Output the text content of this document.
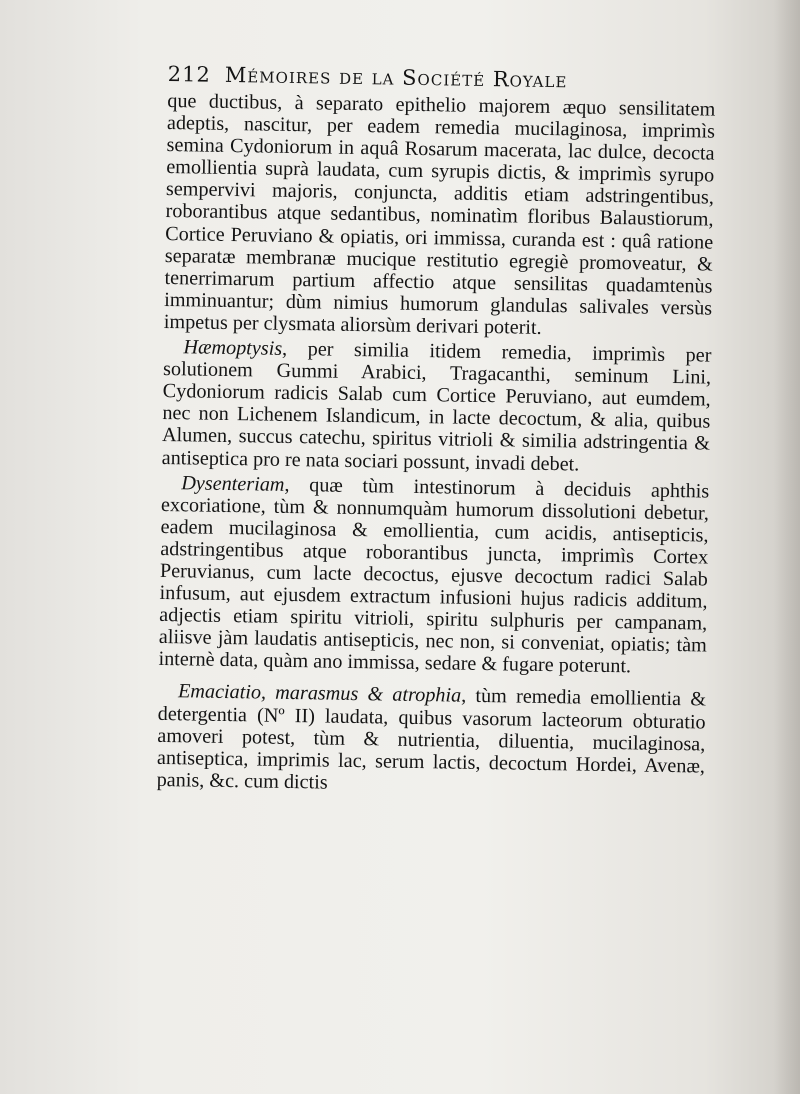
212 Mémoires de la Société Royale

que ductibus, à separato epithelio majorem æquo sensilitatem adeptis, nascitur, per eadem remedia mucilaginosa, imprimìs semina Cydoniorum in aquâ Rosarum macerata, lac dulce, decocta emollientia suprà laudata, cum syrupis dictis, & imprimìs syrupo sempervivi majoris, conjuncta, additis etiam adstringentibus, roborantibus atque sedantibus, nominatìm floribus Balaustiorum, Cortice Peruviano & opiatis, ori immissa, curanda est : quâ ratione separatæ membranæ mucique restitutio egregiè promoveatur, & tenerrimarum partium affectio atque sensilitas quadamtenùs imminuantur; dùm nimius humorum glandulas salivales versùs impetus per clysmata aliorsùm derivari poterit.

Hæmoptysis, per similia itidem remedia, imprimìs per solutionem Gummi Arabici, Tragacanthi, seminum Lini, Cydoniorum radicis Salab cum Cortice Peruviano, aut eumdem, nec non Lichenem Islandicum, in lacte decoctum, & alia, quibus Alumen, succus catechu, spiritus vitrioli & similia adstringentia & antiseptica pro re nata sociari possunt, invadi debet.

Dysenteriam, quæ tùm intestinorum à deciduis aphthis excoriatione, tùm & nonnumquàm humorum dissolutioni debetur, eadem mucilaginosa & emollientia, cum acidis, antisepticis, adstringentibus atque roborantibus juncta, imprimìs Cortex Peruvianus, cum lacte decoctus, ejusve decoctum radici Salab infusum, aut ejusdem extractum infusioni hujus radicis additum, adjectis etiam spiritu vitrioli, spiritu sulphuris per campanam, aliisve jàm laudatis antisepticis, nec non, si conveniat, opiatis; tàm internè data, quàm ano immissa, sedare & fugare poterunt.

Emaciatio, marasmus & atrophia, tùm remedia emollientia & detergentia (Nº II) laudata, quibus vasorum lacteorum obturatio amoveri potest, tùm & nutrientia, diluentia, mucilaginosa, antiseptica, imprimis lac, serum lactis, decoctum Hordei, Avenæ, panis, &c. cum dictis
